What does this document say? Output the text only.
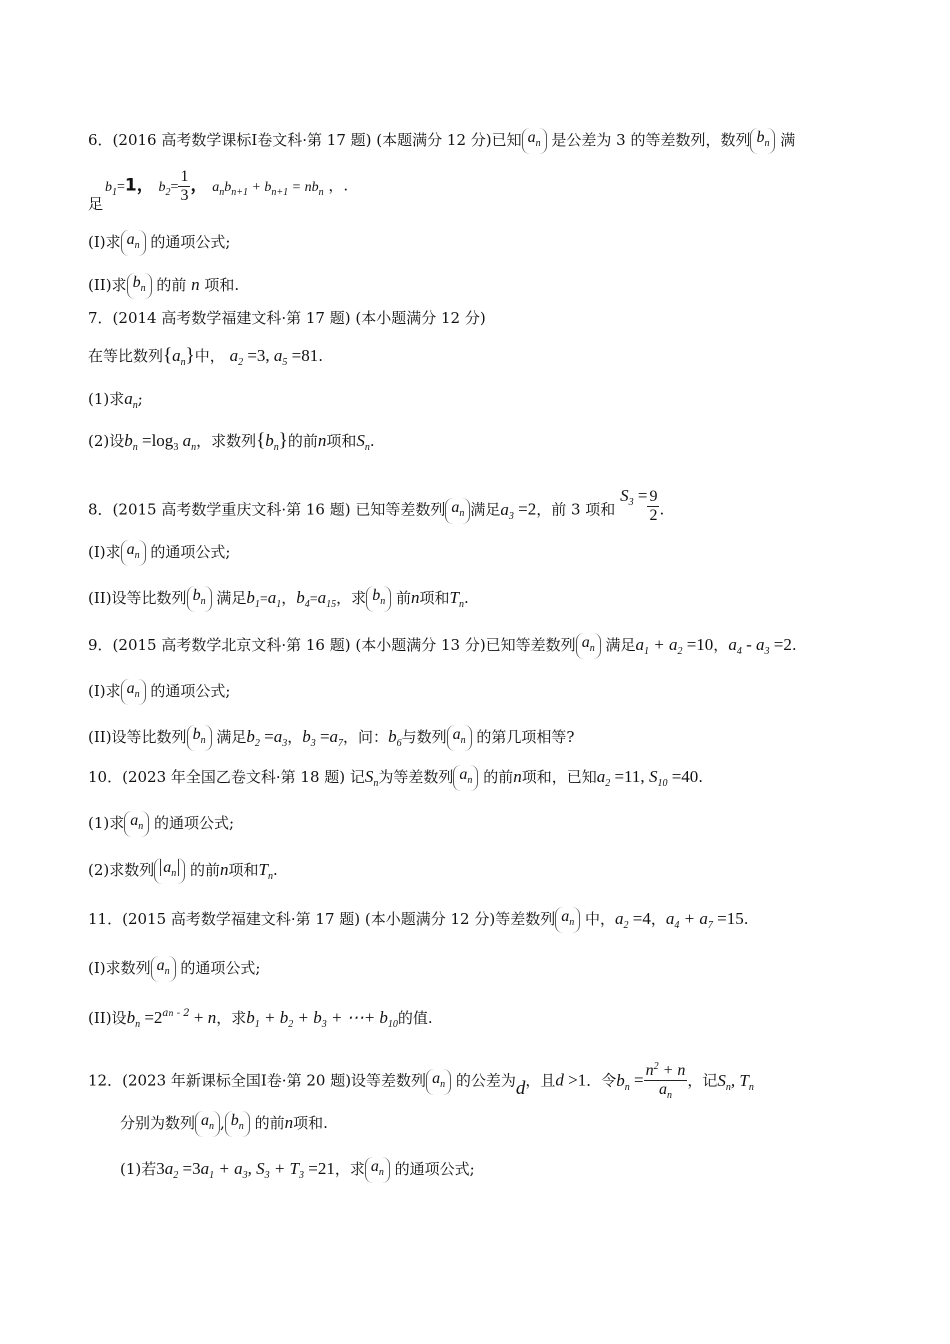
6．(2016 高考数学课标Ⅰ卷文科·第 17 题) (本题满分 12 分)已知 $a_n$ 是公差为 3 的等差数列，数列 $b_n$ 满
$b_1=1$， $b_2= \frac{1}{3}$ ， $a_nb_{n+1} + b_{n+1} = nb_n$ ，.
足
(I)求 $a_n$ 的通项公式;
(II)求 $b_n$ 的前 n 项和.
7．(2014 高考数学福建文科·第 17 题) (本小题满分 12 分)
在等比数列$\{a_n\}$中， $a_2 =3$, $a_5 =81$.
(1)求$a_n$;
(2)设$b_n =\log_3$ $a_n$，求数列$\{b_n\}$的前n项和$S_n$.
8．(2015 高考数学重庆文科·第 16 题) 已知等差数列 $a_n$ 满足$a_3 =2$，前 3 项和 $S_3 = \frac{9}{2}$ .
(I)求 $a_n$ 的通项公式;
(II)设等比数列 $b_n$ 满足$b_1=a_1$，$b_4=a_{15}$，求 $b_n$ 前n项和$T_n$.
9．(2015 高考数学北京文科·第 16 题) (本小题满分 13 分)已知等差数列 $a_n$ 满足$a_1 + a_2 =10$，$a_4 - a_3 =2$.
(I)求 $a_n$ 的通项公式;
(II)设等比数列 $b_n$ 满足$b_2 =a_3$，$b_3 =a_7$，问：$b_6$与数列 $a_n$ 的第几项相等?
10．(2023 年全国乙卷文科·第 18 题) 记$S_n$为等差数列 $a_n$ 的前n项和，已知$a_2 =11$, $S_{10} =40$.
(1)求 $a_n$ 的通项公式;
(2)求数列 $a_n$ 的前n项和$T_n$.
11．(2015 高考数学福建文科·第 17 题) (本小题满分 12 分)等差数列 $a_n$ 中，$a_2 =4$，$a_4 + a_7 =15$.
(I)求数列 $a_n$ 的通项公式;
(II)设$b_n =2^{an - 2} + n$，求$b_1 + b_2 + b_3$ + ⋯+ $b_{10}$的值.
12．(2023 年新课标全国Ⅰ卷·第 20 题)设等差数列 $a_n$ 的公差为d，且d >1．令$b_n = \frac{n^2 + n}{a_n}$ ，记$S_n$, $T_n$
分别为数列 $a_n$ , $b_n$ 的前n项和.
(1)若$3a_2 =3a_1 + a_3$, $S_3 + T_3 =21$，求 $a_n$ 的通项公式;
